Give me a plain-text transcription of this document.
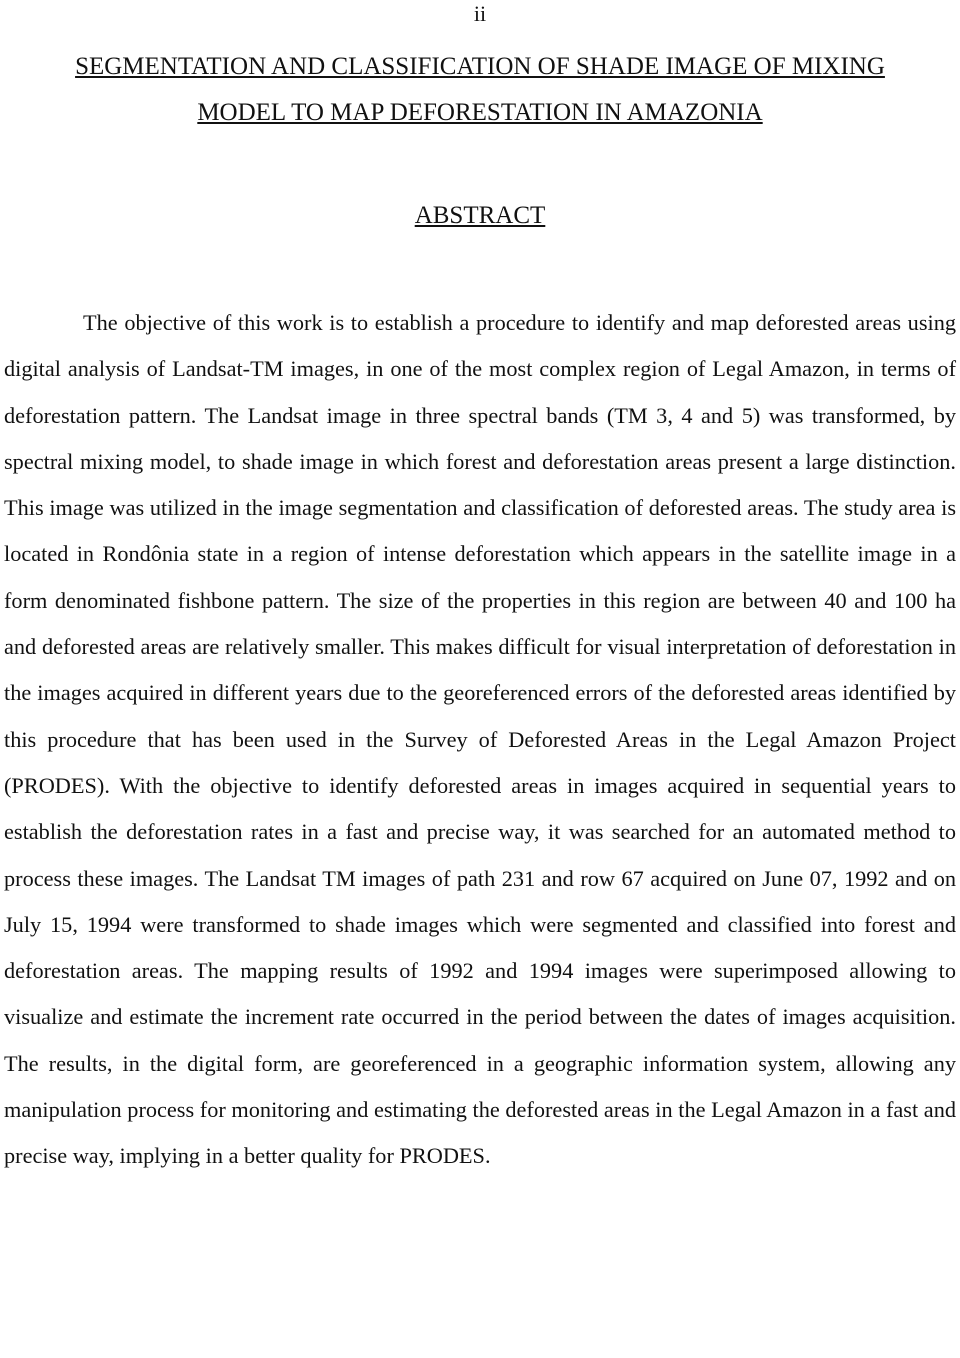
ii
SEGMENTATION AND CLASSIFICATION OF SHADE IMAGE OF MIXING
MODEL TO MAP DEFORESTATION IN AMAZONIA
ABSTRACT

The objective of this work is to establish a procedure to identify and map deforested areas using digital analysis of Landsat-TM images, in one of the most complex region of Legal Amazon, in terms of deforestation pattern. The Landsat image in three spectral bands (TM 3, 4 and 5) was transformed, by spectral mixing model, to shade image in which forest and deforestation areas present a large distinction. This image was utilized in the image segmentation and classification of deforested areas. The study area is located in Rondônia state in a region of intense deforestation which appears in the satellite image in a form denominated fishbone pattern. The size of the properties in this region are between 40 and 100 ha and deforested areas are relatively smaller. This makes difficult for visual interpretation of deforestation in the images acquired in different years due to the georeferenced errors of the deforested areas identified by this procedure that has been used in the Survey of Deforested Areas in the Legal Amazon Project (PRODES). With the objective to identify deforested areas in images acquired in sequential years to establish the deforestation rates in a fast and precise way, it was searched for an automated method to process these images. The Landsat TM images of path 231 and row 67 acquired on June 07, 1992 and on July 15, 1994 were transformed to shade images which were segmented and classified into forest and deforestation areas. The mapping results of 1992 and 1994 images were superimposed allowing to visualize and estimate the increment rate occurred in the period between the dates of images acquisition. The results, in the digital form, are georeferenced in a geographic information system, allowing any manipulation process for monitoring and estimating the deforested areas in the Legal Amazon in a fast and precise way, implying in a better quality for PRODES.
